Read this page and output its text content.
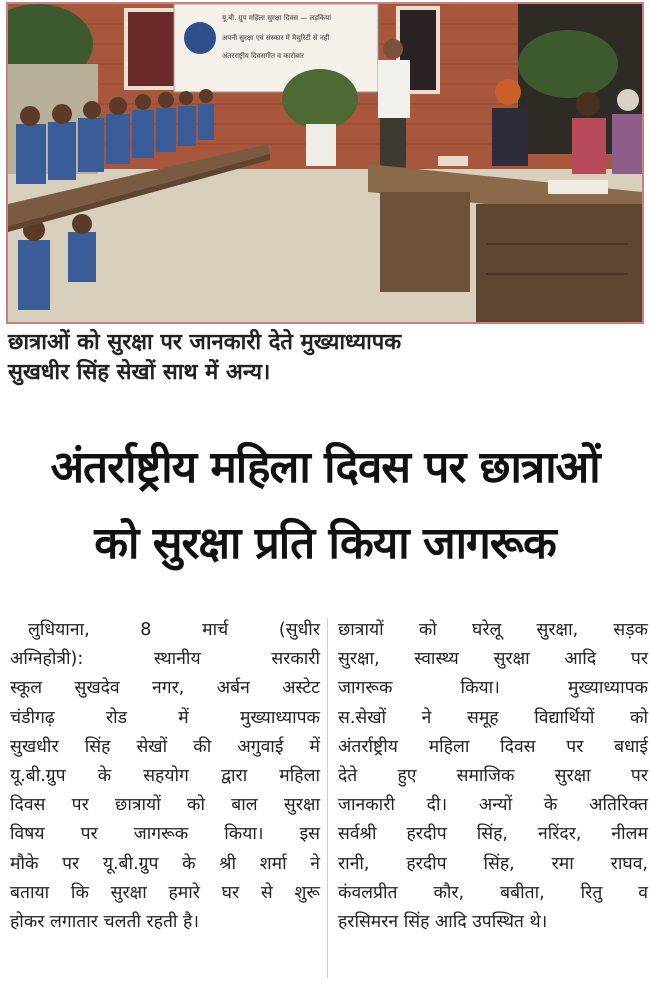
यू.बी. ग्रुप महिला सुरक्षा दिवस — लड़कियां
अपनी सुरक्षा एवं संस्कार में मैचुरिटी से नहीं
अंतरराष्ट्रीय दिवसगीत व कारोबार
छात्राओं को सुरक्षा पर जानकारी देते मुख्याध्यापक
सुखधीर सिंह सेखों साथ में अन्य।
अंतर्राष्ट्रीय महिला दिवस पर छात्राओं
को सुरक्षा प्रति किया जागरूक
लुधियाना, 8 मार्च (सुधीर
अग्निहोत्री): स्थानीय सरकारी
स्कूल सुखदेव नगर, अर्बन अस्टेट
चंडीगढ़ रोड में मुख्याध्यापक
सुखधीर सिंह सेखों की अगुवाई में
यू.बी.ग्रुप के सहयोग द्वारा महिला
दिवस पर छात्रायों को बाल सुरक्षा
विषय पर जागरूक किया। इस
मौके पर यू.बी.ग्रुप के श्री शर्मा ने
बताया कि सुरक्षा हमारे घर से शुरू
होकर लगातार चलती रहती है।
छात्रायों को घरेलू सुरक्षा, सड़क
सुरक्षा, स्वास्थ्य सुरक्षा आदि पर
जागरूक किया। मुख्याध्यापक
स.सेखों ने समूह विद्यार्थियों को
अंतर्राष्ट्रीय महिला दिवस पर बधाई
देते हुए समाजिक सुरक्षा पर
जानकारी दी। अन्यों के अतिरिक्त
सर्वश्री हरदीप सिंह, नरिंदर, नीलम
रानी, हरदीप सिंह, रमा राघव,
कंवलप्रीत कौर, बबीता, रितु व
हरसिमरन सिंह आदि उपस्थित थे।
